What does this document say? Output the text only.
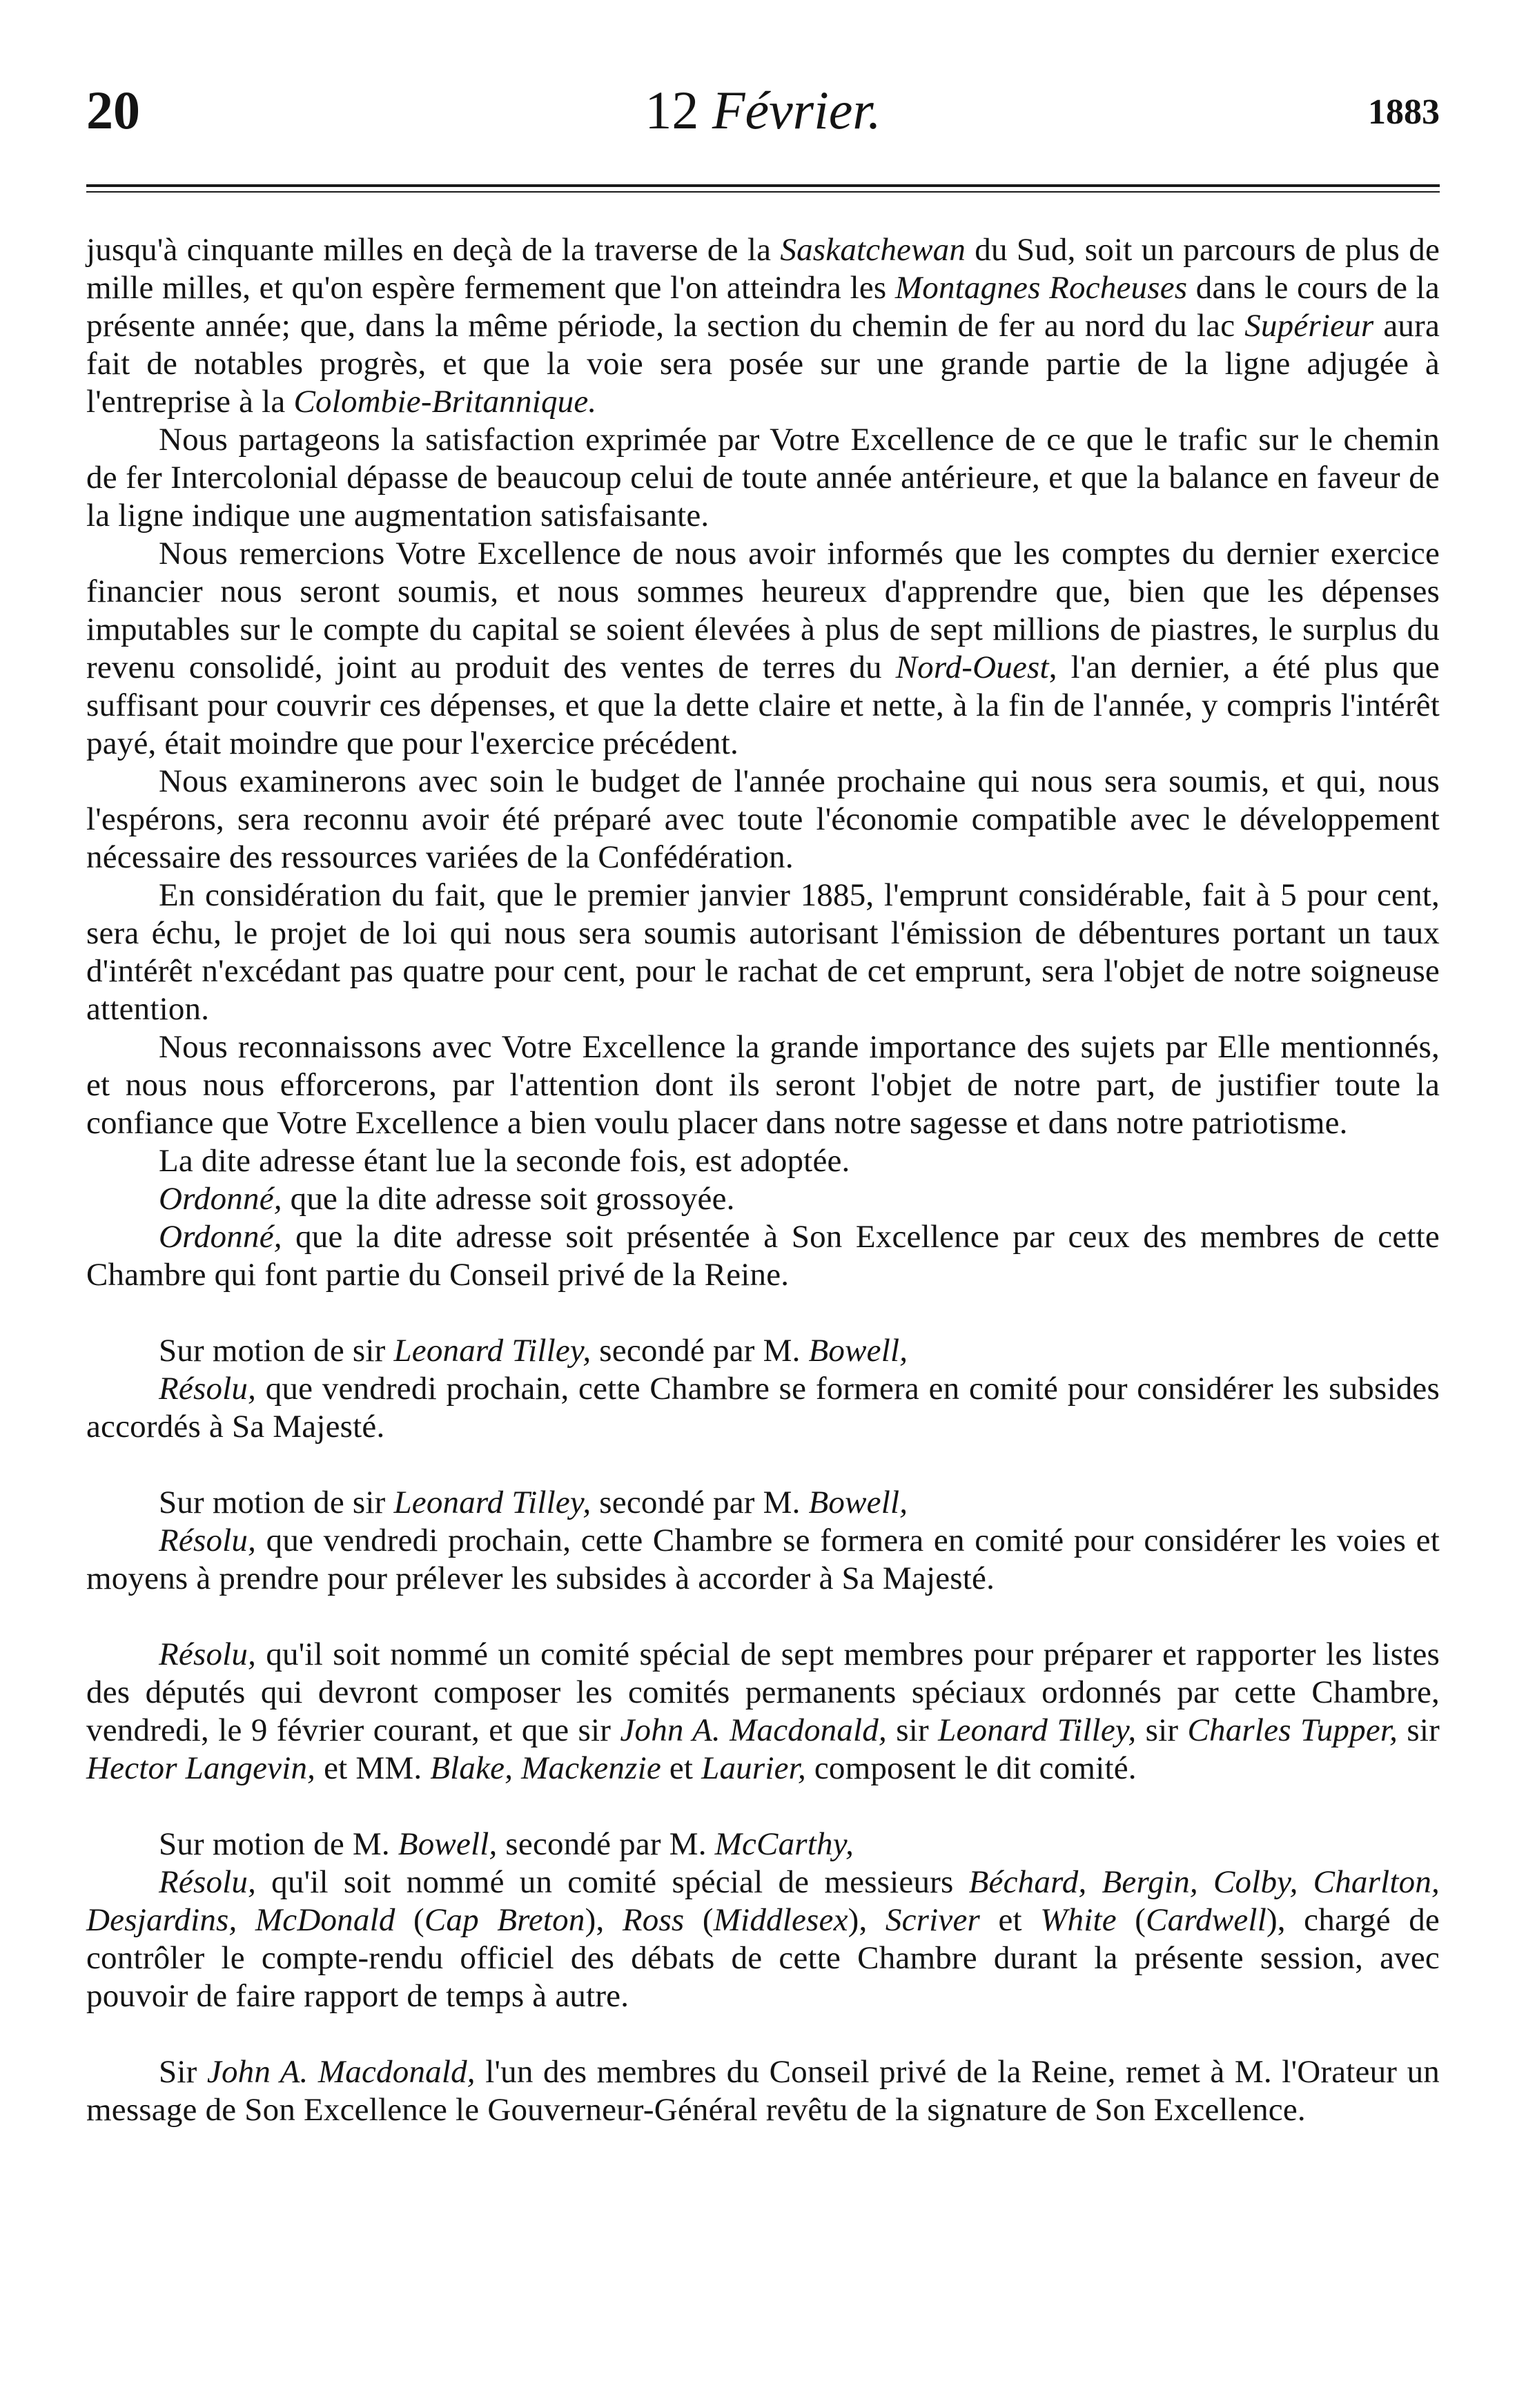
20	12 Février.	1883

jusqu'à cinquante milles en deçà de la traverse de la Saskatchewan du Sud, soit un parcours de plus de mille milles, et qu'on espère fermement que l'on atteindra les Montagnes Rocheuses dans le cours de la présente année; que, dans la même période, la section du chemin de fer au nord du lac Supérieur aura fait de notables progrès, et que la voie sera posée sur une grande partie de la ligne adjugée à l'entreprise à la Colombie-Britannique.

Nous partageons la satisfaction exprimée par Votre Excellence de ce que le trafic sur le chemin de fer Intercolonial dépasse de beaucoup celui de toute année antérieure, et que la balance en faveur de la ligne indique une augmentation satisfaisante.

Nous remercions Votre Excellence de nous avoir informés que les comptes du dernier exercice financier nous seront soumis, et nous sommes heureux d'apprendre que, bien que les dépenses imputables sur le compte du capital se soient élevées à plus de sept millions de piastres, le surplus du revenu consolidé, joint au produit des ventes de terres du Nord-Ouest, l'an dernier, a été plus que suffisant pour couvrir ces dépenses, et que la dette claire et nette, à la fin de l'année, y compris l'intérêt payé, était moindre que pour l'exercice précédent.

Nous examinerons avec soin le budget de l'année prochaine qui nous sera soumis, et qui, nous l'espérons, sera reconnu avoir été préparé avec toute l'économie compatible avec le développement nécessaire des ressources variées de la Confédération.

En considération du fait, que le premier janvier 1885, l'emprunt considérable, fait à 5 pour cent, sera échu, le projet de loi qui nous sera soumis autorisant l'émission de débentures portant un taux d'intérêt n'excédant pas quatre pour cent, pour le rachat de cet emprunt, sera l'objet de notre soigneuse attention.

Nous reconnaissons avec Votre Excellence la grande importance des sujets par Elle mentionnés, et nous nous efforcerons, par l'attention dont ils seront l'objet de notre part, de justifier toute la confiance que Votre Excellence a bien voulu placer dans notre sagesse et dans notre patriotisme.

La dite adresse étant lue la seconde fois, est adoptée.

Ordonné, que la dite adresse soit grossoyée.

Ordonné, que la dite adresse soit présentée à Son Excellence par ceux des membres de cette Chambre qui font partie du Conseil privé de la Reine.

Sur motion de sir Leonard Tilley, secondé par M. Bowell,

Résolu, que vendredi prochain, cette Chambre se formera en comité pour considérer les subsides accordés à Sa Majesté.

Sur motion de sir Leonard Tilley, secondé par M. Bowell,

Résolu, que vendredi prochain, cette Chambre se formera en comité pour considérer les voies et moyens à prendre pour prélever les subsides à accorder à Sa Majesté.

Résolu, qu'il soit nommé un comité spécial de sept membres pour préparer et rapporter les listes des députés qui devront composer les comités permanents spéciaux ordonnés par cette Chambre, vendredi, le 9 février courant, et que sir John A. Macdonald, sir Leonard Tilley, sir Charles Tupper, sir Hector Langevin, et MM. Blake, Mackenzie et Laurier, composent le dit comité.

Sur motion de M. Bowell, secondé par M. McCarthy,

Résolu, qu'il soit nommé un comité spécial de messieurs Béchard, Bergin, Colby, Charlton, Desjardins, McDonald (Cap Breton), Ross (Middlesex), Scriver et White (Cardwell), chargé de contrôler le compte-rendu officiel des débats de cette Chambre durant la présente session, avec pouvoir de faire rapport de temps à autre.

Sir John A. Macdonald, l'un des membres du Conseil privé de la Reine, remet à M. l'Orateur un message de Son Excellence le Gouverneur-Général revêtu de la signature de Son Excellence.
